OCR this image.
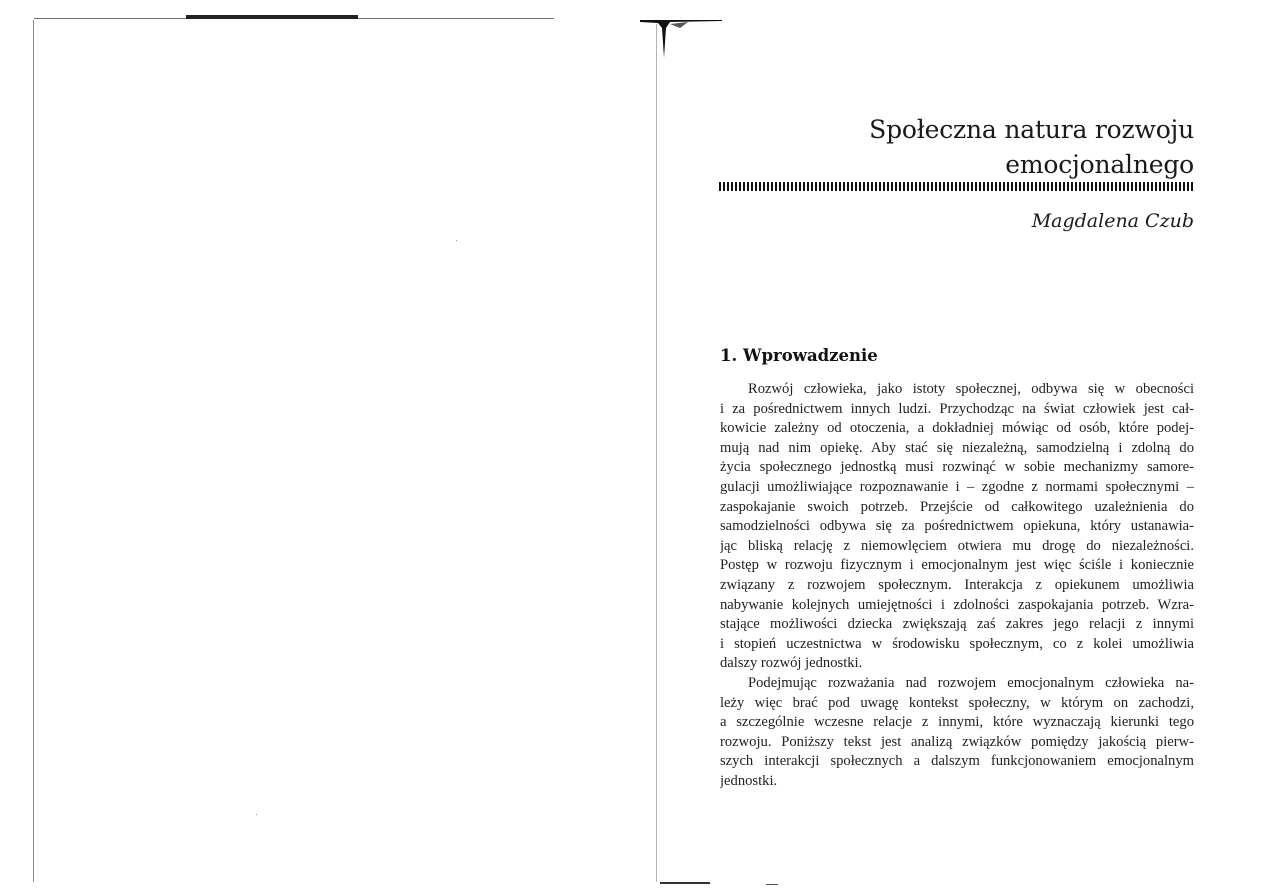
Społeczna natura rozwoju
emocjonalnego
Magdalena Czub
1. Wprowadzenie
Rozwój człowieka, jako istoty społecznej, odbywa się w obecności
i za pośrednictwem innych ludzi. Przychodząc na świat człowiek jest cał-
kowicie zależny od otoczenia, a dokładniej mówiąc od osób, które podej-
mują nad nim opiekę. Aby stać się niezależną, samodzielną i zdolną do
życia społecznego jednostką musi rozwinąć w sobie mechanizmy samore-
gulacji umożliwiające rozpoznawanie i – zgodne z normami społecznymi –
zaspokajanie swoich potrzeb. Przejście od całkowitego uzależnienia do
samodzielności odbywa się za pośrednictwem opiekuna, który ustanawia-
jąc bliską relację z niemowlęciem otwiera mu drogę do niezależności.
Postęp w rozwoju fizycznym i emocjonalnym jest więc ściśle i koniecznie
związany z rozwojem społecznym. Interakcja z opiekunem umożliwia
nabywanie kolejnych umiejętności i zdolności zaspokajania potrzeb. Wzra-
stające możliwości dziecka zwiększają zaś zakres jego relacji z innymi
i stopień uczestnictwa w środowisku społecznym, co z kolei umożliwia
dalszy rozwój jednostki.
Podejmując rozważania nad rozwojem emocjonalnym człowieka na-
leży więc brać pod uwagę kontekst społeczny, w którym on zachodzi,
a szczególnie wczesne relacje z innymi, które wyznaczają kierunki tego
rozwoju. Poniższy tekst jest analizą związków pomiędzy jakością pierw-
szych interakcji społecznych a dalszym funkcjonowaniem emocjonalnym
jednostki.
